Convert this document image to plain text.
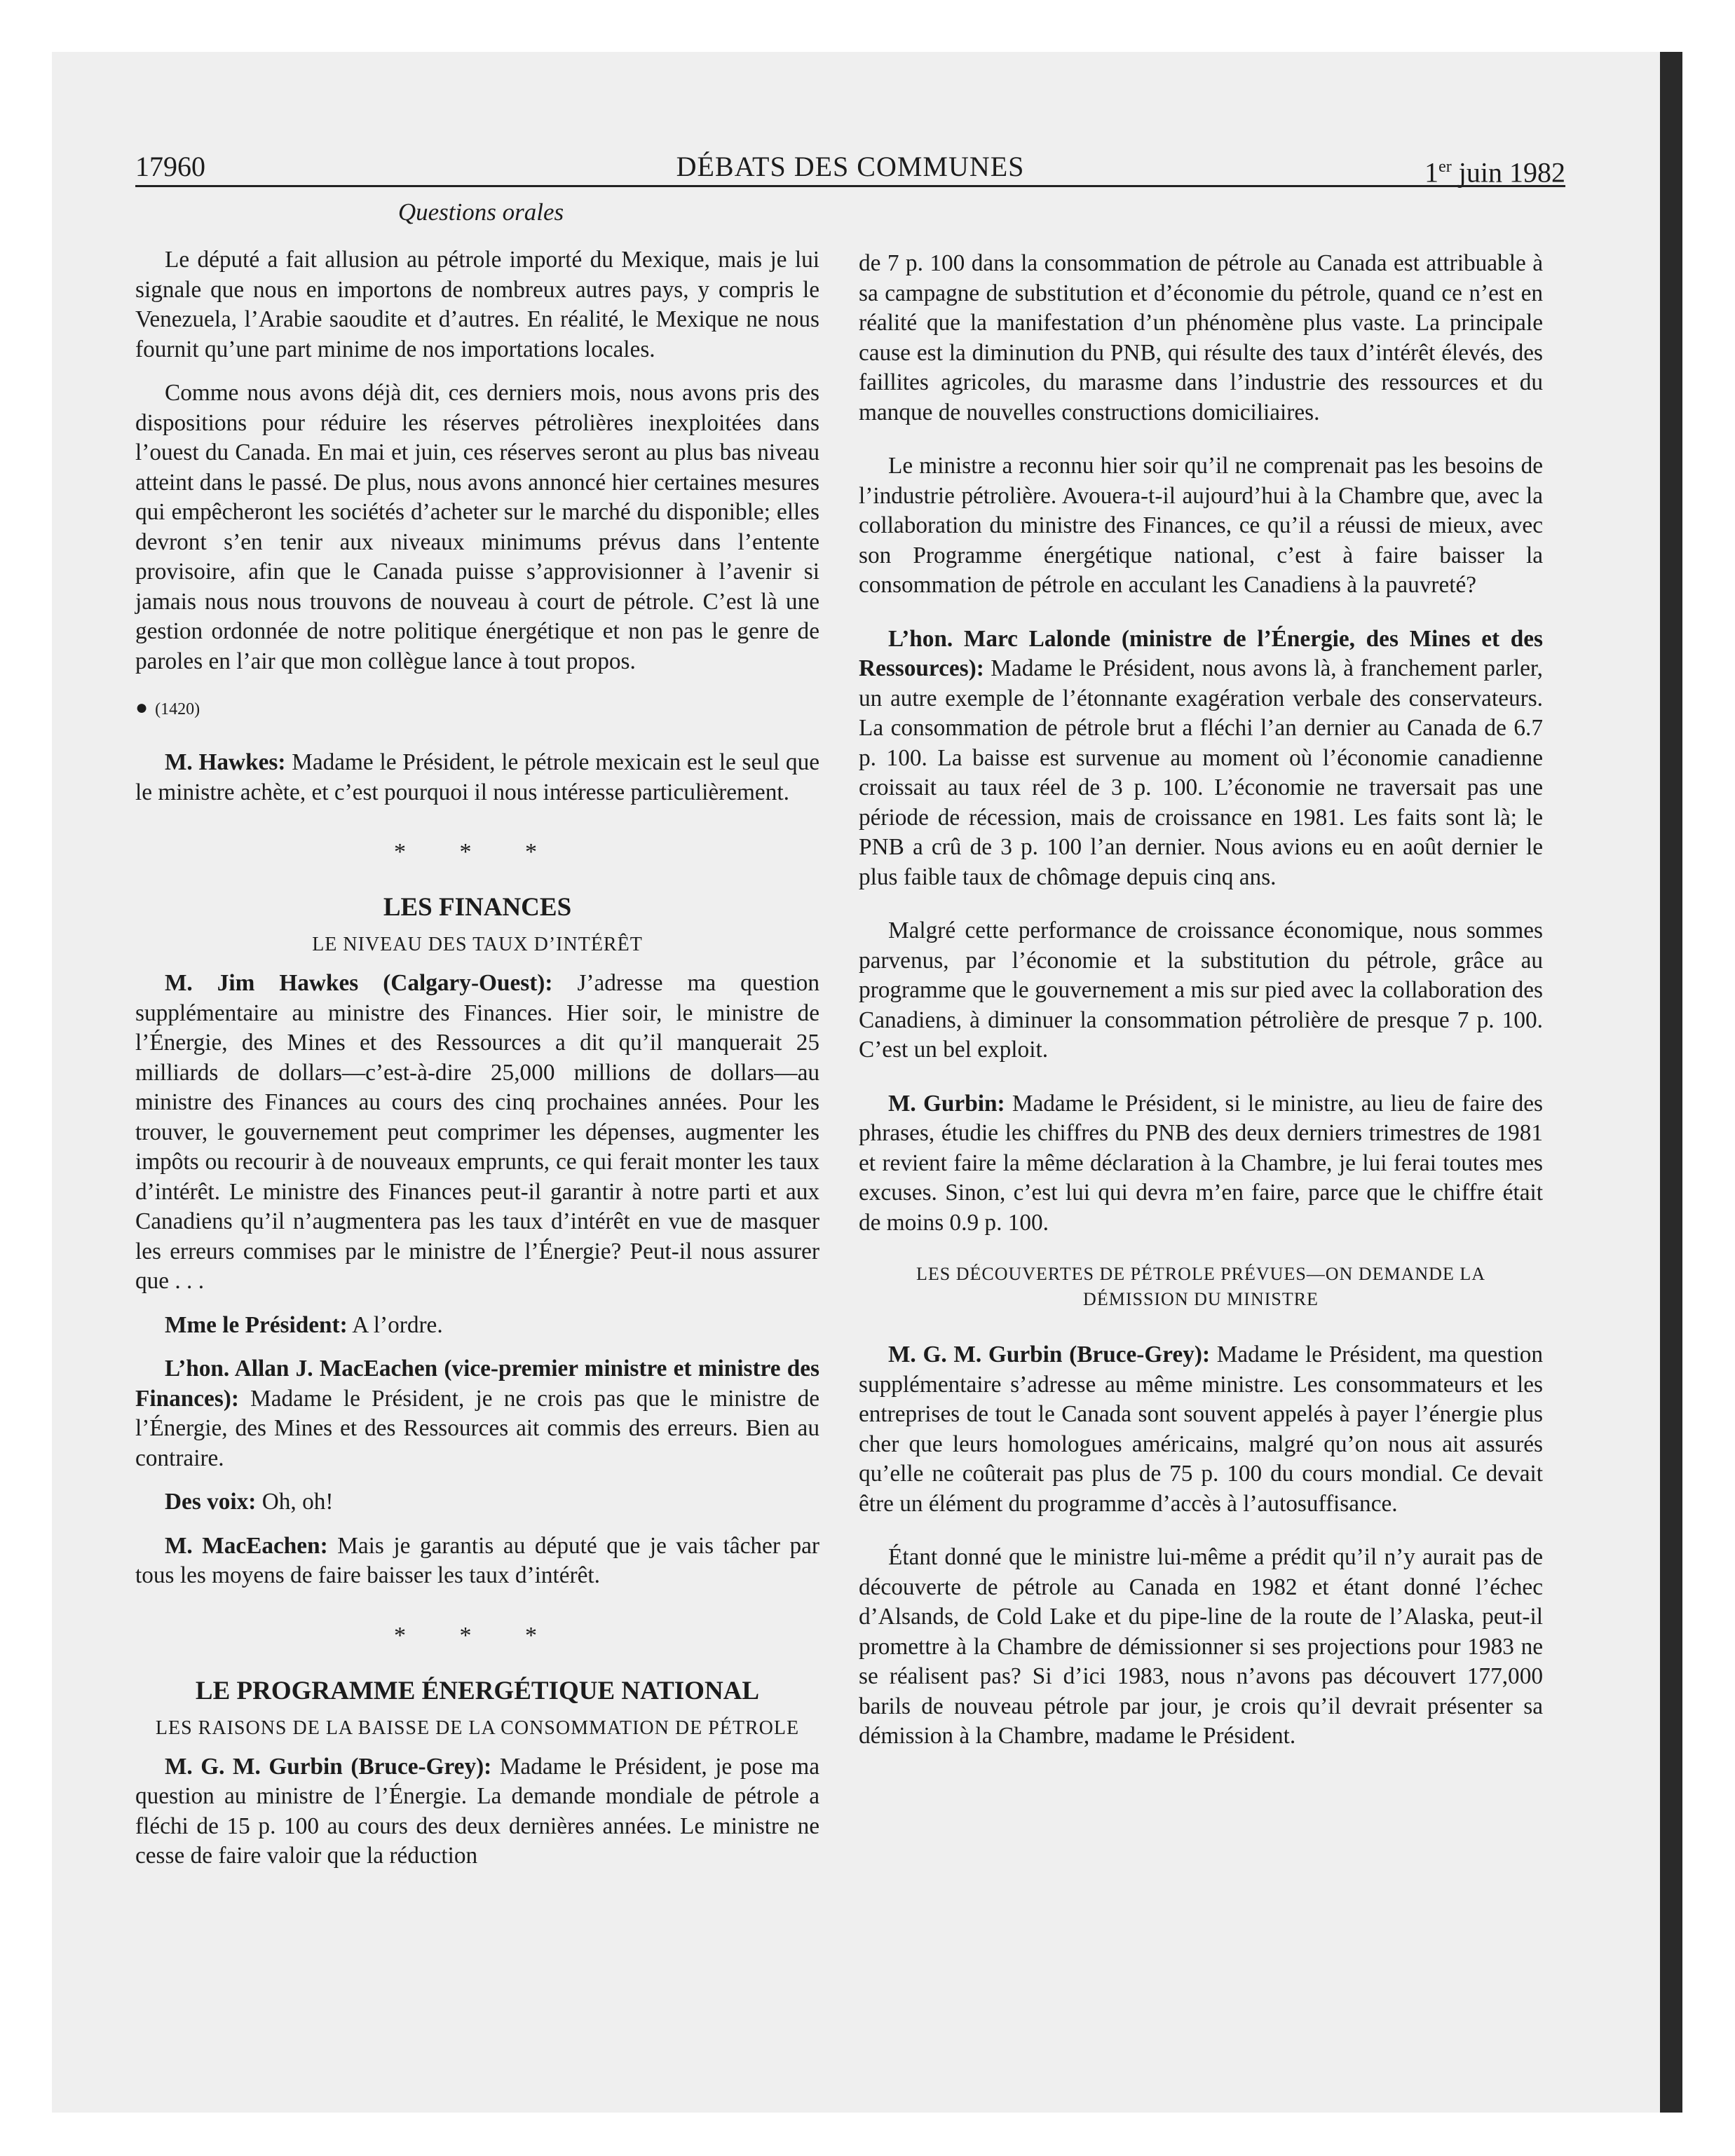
17960	DÉBATS DES COMMUNES	1er juin 1982
Questions orales

Le député a fait allusion au pétrole importé du Mexique, mais je lui signale que nous en importons de nombreux autres pays, y compris le Venezuela, l’Arabie saoudite et d’autres. En réalité, le Mexique ne nous fournit qu’une part minime de nos importations locales.

Comme nous avons déjà dit, ces derniers mois, nous avons pris des dispositions pour réduire les réserves pétrolières inexploitées dans l’ouest du Canada. En mai et juin, ces réserves seront au plus bas niveau atteint dans le passé. De plus, nous avons annoncé hier certaines mesures qui empêcheront les sociétés d’acheter sur le marché du disponible; elles devront s’en tenir aux niveaux minimums prévus dans l’entente provisoire, afin que le Canada puisse s’approvisionner à l’avenir si jamais nous nous trouvons de nouveau à court de pétrole. C’est là une gestion ordonnée de notre politique énergétique et non pas le genre de paroles en l’air que mon collègue lance à tout propos.

● (1420)

M. Hawkes: Madame le Président, le pétrole mexicain est le seul que le ministre achète, et c’est pourquoi il nous intéresse particulièrement.

* * *
LES FINANCES
LE NIVEAU DES TAUX D’INTÉRÊT

M. Jim Hawkes (Calgary-Ouest): J’adresse ma question supplémentaire au ministre des Finances. Hier soir, le ministre de l’Énergie, des Mines et des Ressources a dit qu’il manquerait 25 milliards de dollars—c’est-à-dire 25,000 millions de dollars—au ministre des Finances au cours des cinq prochaines années. Pour les trouver, le gouvernement peut comprimer les dépenses, augmenter les impôts ou recourir à de nouveaux emprunts, ce qui ferait monter les taux d’intérêt. Le ministre des Finances peut-il garantir à notre parti et aux Canadiens qu’il n’augmentera pas les taux d’intérêt en vue de masquer les erreurs commises par le ministre de l’Énergie? Peut-il nous assurer que . . .

Mme le Président: A l’ordre.

L’hon. Allan J. MacEachen (vice-premier ministre et ministre des Finances): Madame le Président, je ne crois pas que le ministre de l’Énergie, des Mines et des Ressources ait commis des erreurs. Bien au contraire.

Des voix: Oh, oh!

M. MacEachen: Mais je garantis au député que je vais tâcher par tous les moyens de faire baisser les taux d’intérêt.

* * *
LE PROGRAMME ÉNERGÉTIQUE NATIONAL
LES RAISONS DE LA BAISSE DE LA CONSOMMATION DE PÉTROLE

M. G. M. Gurbin (Bruce-Grey): Madame le Président, je pose ma question au ministre de l’Énergie. La demande mondiale de pétrole a fléchi de 15 p. 100 au cours des deux dernières années. Le ministre ne cesse de faire valoir que la réduction

de 7 p. 100 dans la consommation de pétrole au Canada est attribuable à sa campagne de substitution et d’économie du pétrole, quand ce n’est en réalité que la manifestation d’un phénomène plus vaste. La principale cause est la diminution du PNB, qui résulte des taux d’intérêt élevés, des faillites agricoles, du marasme dans l’industrie des ressources et du manque de nouvelles constructions domiciliaires.

Le ministre a reconnu hier soir qu’il ne comprenait pas les besoins de l’industrie pétrolière. Avouera-t-il aujourd’hui à la Chambre que, avec la collaboration du ministre des Finances, ce qu’il a réussi de mieux, avec son Programme énergétique national, c’est à faire baisser la consommation de pétrole en acculant les Canadiens à la pauvreté?

L’hon. Marc Lalonde (ministre de l’Énergie, des Mines et des Ressources): Madame le Président, nous avons là, à franchement parler, un autre exemple de l’étonnante exagération verbale des conservateurs. La consommation de pétrole brut a fléchi l’an dernier au Canada de 6.7 p. 100. La baisse est survenue au moment où l’économie canadienne croissait au taux réel de 3 p. 100. L’économie ne traversait pas une période de récession, mais de croissance en 1981. Les faits sont là; le PNB a crû de 3 p. 100 l’an dernier. Nous avions eu en août dernier le plus faible taux de chômage depuis cinq ans.

Malgré cette performance de croissance économique, nous sommes parvenus, par l’économie et la substitution du pétrole, grâce au programme que le gouvernement a mis sur pied avec la collaboration des Canadiens, à diminuer la consommation pétrolière de presque 7 p. 100. C’est un bel exploit.

M. Gurbin: Madame le Président, si le ministre, au lieu de faire des phrases, étudie les chiffres du PNB des deux derniers trimestres de 1981 et revient faire la même déclaration à la Chambre, je lui ferai toutes mes excuses. Sinon, c’est lui qui devra m’en faire, parce que le chiffre était de moins 0.9 p. 100.

LES DÉCOUVERTES DE PÉTROLE PRÉVUES—ON DEMANDE LA
DÉMISSION DU MINISTRE

M. G. M. Gurbin (Bruce-Grey): Madame le Président, ma question supplémentaire s’adresse au même ministre. Les consommateurs et les entreprises de tout le Canada sont souvent appelés à payer l’énergie plus cher que leurs homologues américains, malgré qu’on nous ait assurés qu’elle ne coûterait pas plus de 75 p. 100 du cours mondial. Ce devait être un élément du programme d’accès à l’autosuffisance.

Étant donné que le ministre lui-même a prédit qu’il n’y aurait pas de découverte de pétrole au Canada en 1982 et étant donné l’échec d’Alsands, de Cold Lake et du pipe-line de la route de l’Alaska, peut-il promettre à la Chambre de démissionner si ses projections pour 1983 ne se réalisent pas? Si d’ici 1983, nous n’avons pas découvert 177,000 barils de nouveau pétrole par jour, je crois qu’il devrait présenter sa démission à la Chambre, madame le Président.
